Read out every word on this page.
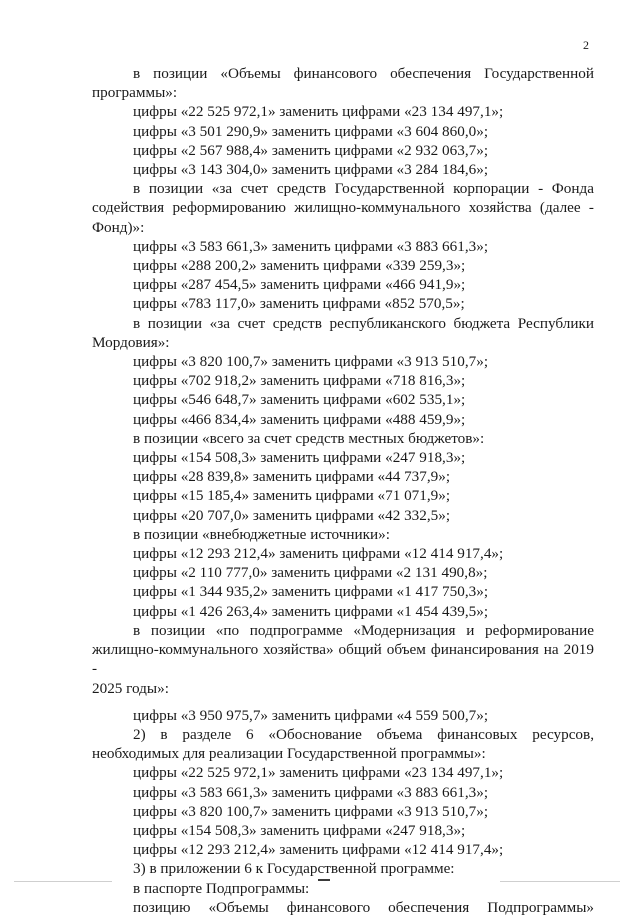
2

в позиции «Объемы финансового обеспечения Государственной

программы»:

цифры «22 525 972,1» заменить цифрами «23 134 497,1»;

цифры «3 501 290,9» заменить цифрами «3 604 860,0»;

цифры «2 567 988,4» заменить цифрами «2 932 063,7»;

цифры «3 143 304,0» заменить цифрами «3 284 184,6»;

в позиции «за счет средств Государственной корпорации - Фонда

содействия реформированию жилищно-коммунального хозяйства (далее -

Фонд)»:

цифры «3 583 661,3» заменить цифрами «3 883 661,3»;

цифры «288 200,2» заменить цифрами «339 259,3»;

цифры «287 454,5» заменить цифрами «466 941,9»;

цифры «783 117,0» заменить цифрами «852 570,5»;

в позиции «за счет средств республиканского бюджета Республики

Мордовия»:

цифры «3 820 100,7» заменить цифрами «3 913 510,7»;

цифры «702 918,2» заменить цифрами «718 816,3»;

цифры «546 648,7» заменить цифрами «602 535,1»;

цифры «466 834,4» заменить цифрами «488 459,9»;

в позиции «всего за счет средств местных бюджетов»:

цифры «154 508,3» заменить цифрами «247 918,3»;

цифры «28 839,8» заменить цифрами «44 737,9»;

цифры «15 185,4» заменить цифрами «71 071,9»;

цифры «20 707,0» заменить цифрами «42 332,5»;

в позиции «внебюджетные источники»:

цифры «12 293 212,4» заменить цифрами «12 414 917,4»;

цифры «2 110 777,0» заменить цифрами «2 131 490,8»;

цифры «1 344 935,2» заменить цифрами «1 417 750,3»;

цифры «1 426 263,4» заменить цифрами «1 454 439,5»;

в позиции «по подпрограмме «Модернизация и реформирование

жилищно-коммунального хозяйства» общий объем финансирования на 2019 -

2025 годы»:

цифры «3 950 975,7» заменить цифрами «4 559 500,7»;

2) в разделе 6 «Обоснование объема финансовых ресурсов,

необходимых для реализации Государственной программы»:

цифры «22 525 972,1» заменить цифрами «23 134 497,1»;

цифры «3 583 661,3» заменить цифрами «3 883 661,3»;

цифры «3 820 100,7» заменить цифрами «3 913 510,7»;

цифры «154 508,3» заменить цифрами «247 918,3»;

цифры «12 293 212,4» заменить цифрами «12 414 917,4»;

3) в приложении 6 к Государственной программе:

в паспорте Подпрограммы:

позицию «Объемы финансового обеспечения Подпрограммы»
